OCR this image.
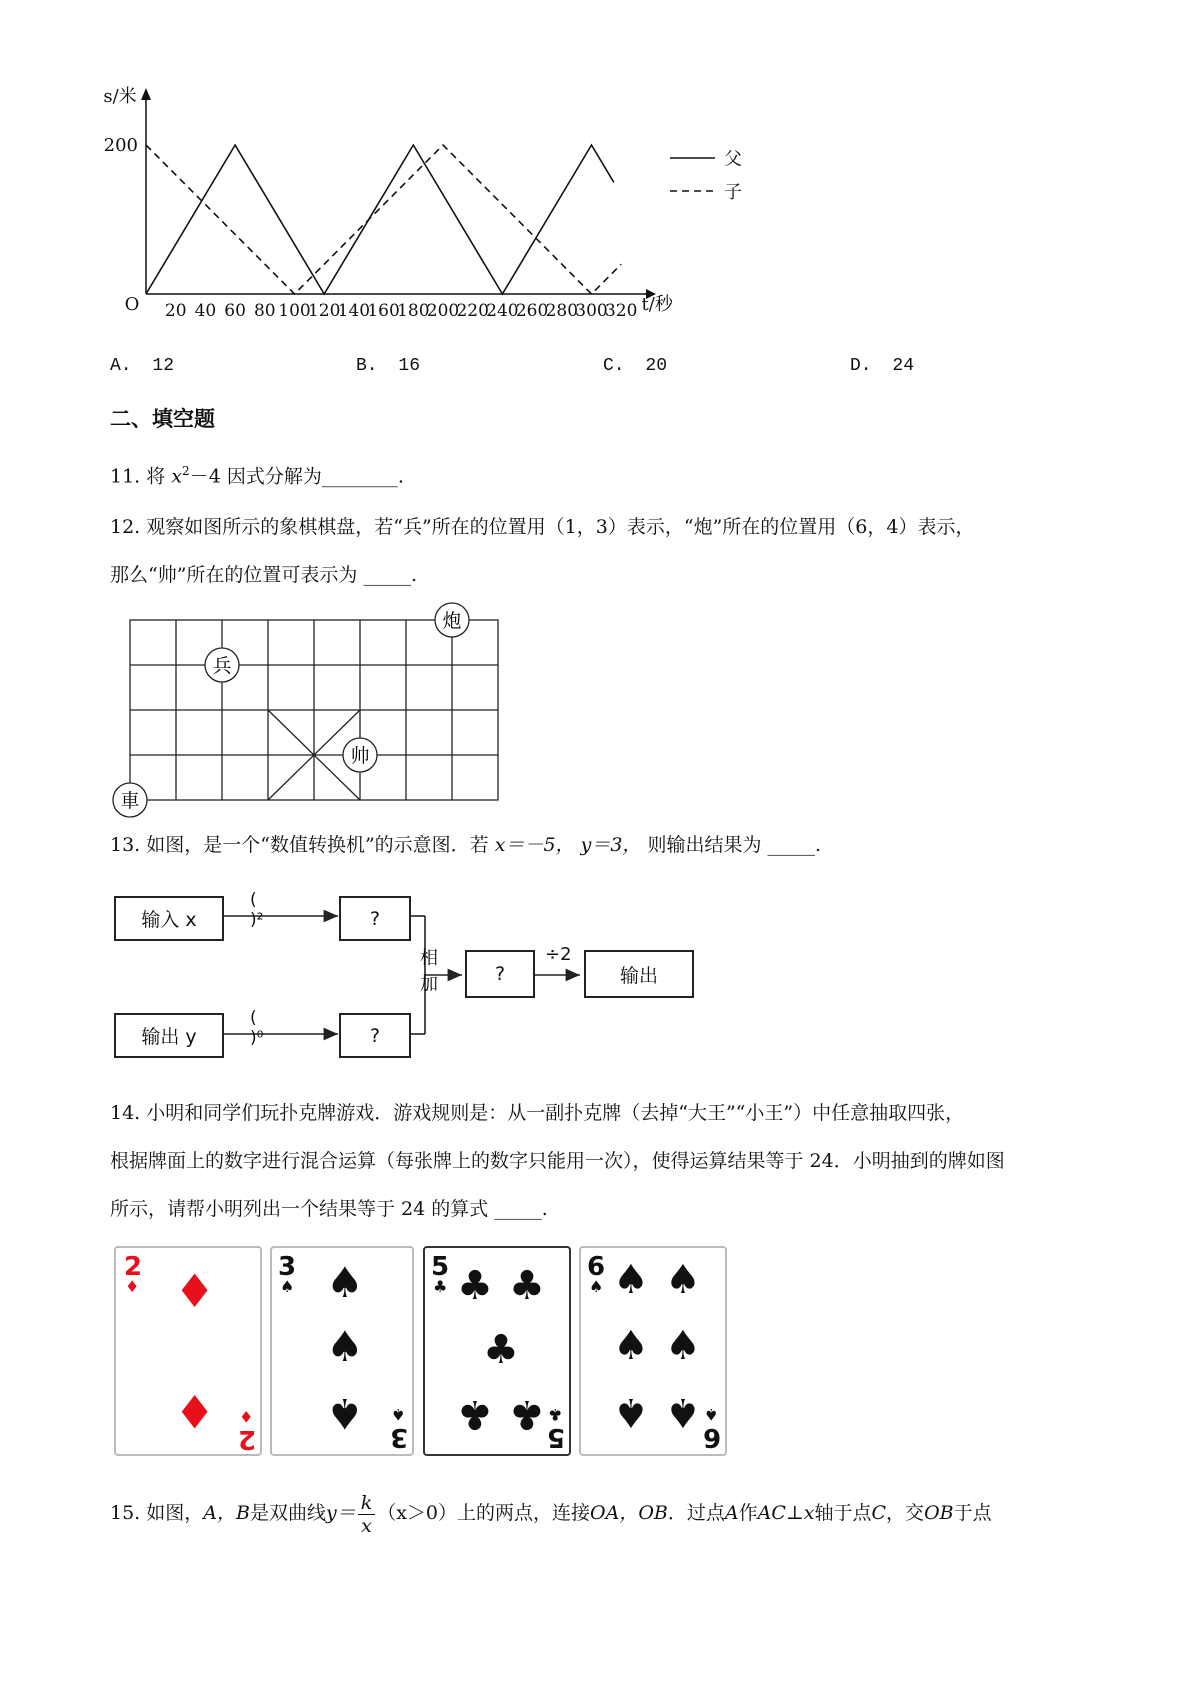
s/米
t/秒
O
200
20 40 60 80 100
120
140
160
180
200
220
240
260
280
300
320
父
子
A. 12	B. 16	C. 20	D. 24
二、填空题
11. 将 $x^2-4$ 因式分解为________.
12. 观察如图所示的象棋棋盘，若“兵”所在的位置用（1，3）表示，“炮”所在的位置用（6，4）表示，
那么“帅”所在的位置可表示为 _____.
炮
兵
帅
車
13. 如图，是一个“数值转换机”的示意图．若 x＝－5， y＝3， 则输出结果为 _____.
输入 x	?
输出 y	?
?	输出
( )²
( )⁰
相加
÷2
14. 小明和同学们玩扑克牌游戏．游戏规则是：从一副扑克牌（去掉“大王”“小王”）中任意抽取四张，
根据牌面上的数字进行混合运算（每张牌上的数字只能用一次），使得运算结果等于 24．小明抽到的牌如图
所示，请帮小明列出一个结果等于 24 的算式 _____.
2
♦ ♦
♦ ♦
2
3
♠ ♠
♠
♠ ♠
3
5
♣ ♣ ♣
♣
♣ ♣ ♣
5
6
♠ ♠ ♠
♠ ♠
♠ ♠ ♠
6
15. 如图，A，B是双曲线$y= \frac{k}{x} (x>0)$上的两点，连接OA，OB．过点A作AC⊥x轴于点C，交OB于点
